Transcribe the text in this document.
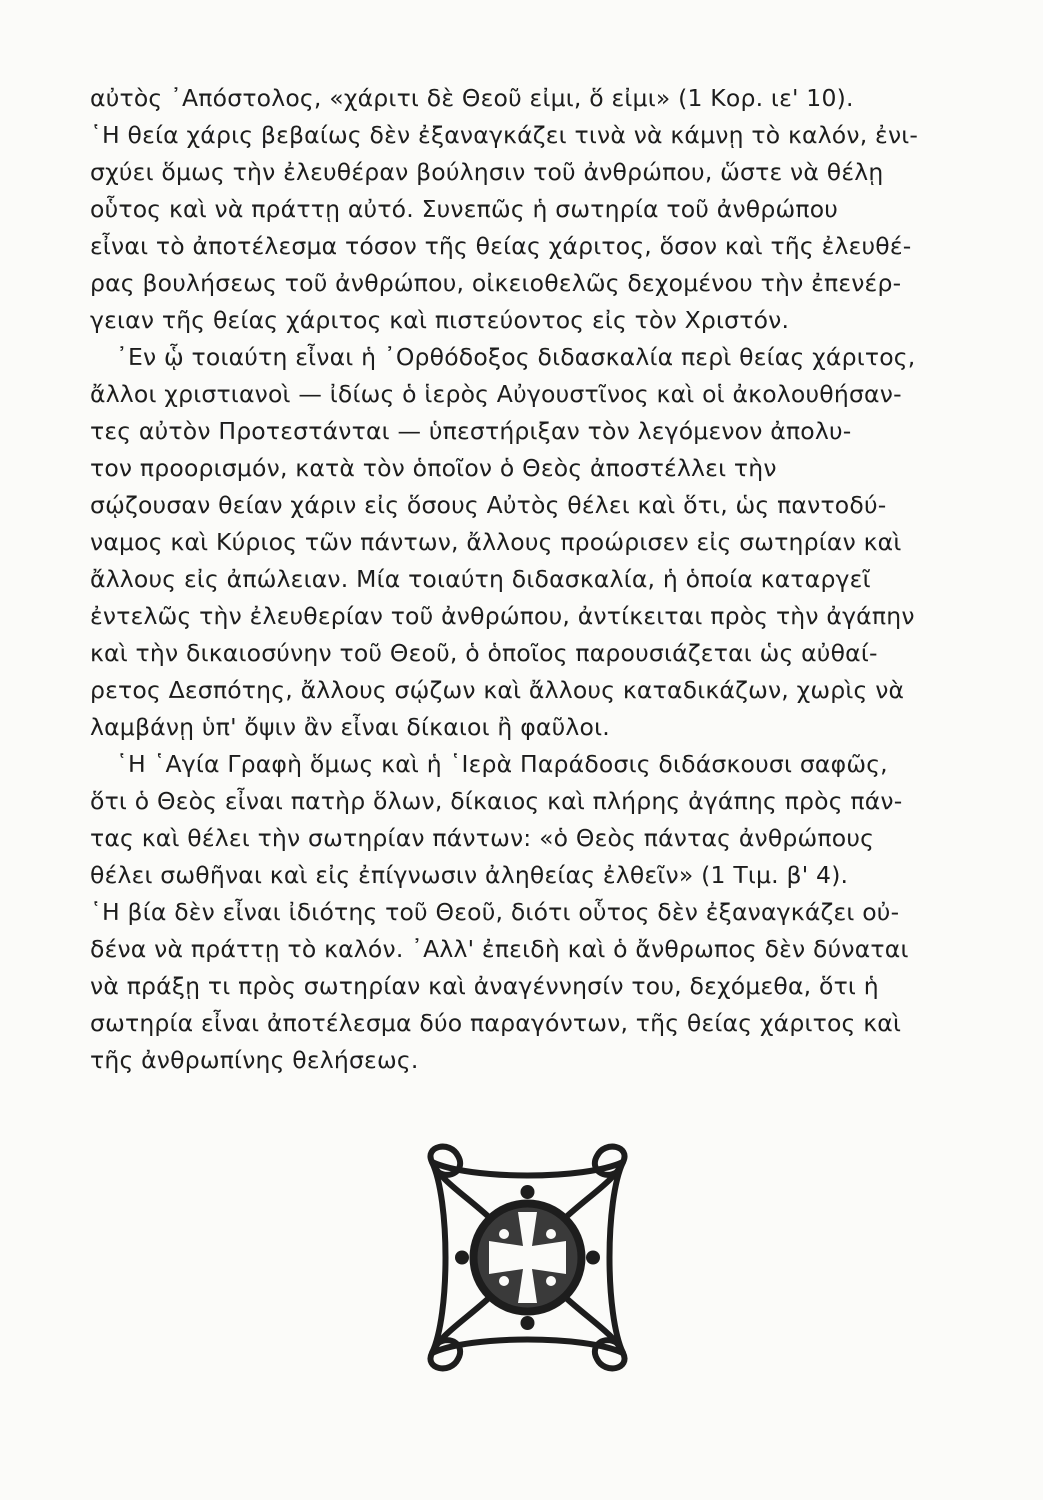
αὐτὸς ᾿Απόστολος, «χάριτι δὲ Θεοῦ εἰμι, ὅ εἰμι» (1 Κορ. ιε' 10).
῾Η θεία χάρις βεβαίως δὲν ἐξαναγκάζει τινὰ νὰ κάμνῃ τὸ καλόν, ἐνι-
σχύει ὅμως τὴν ἐλευθέραν βούλησιν τοῦ ἀνθρώπου, ὥστε νὰ θέλῃ
οὗτος καὶ νὰ πράττῃ αὐτό. Συνεπῶς ἡ σωτηρία τοῦ ἀνθρώπου
εἶναι τὸ ἀποτέλεσμα τόσον τῆς θείας χάριτος, ὅσον καὶ τῆς ἐλευθέ-
ρας βουλήσεως τοῦ ἀνθρώπου, οἰκειοθελῶς δεχομένου τὴν ἐπενέρ-
γειαν τῆς θείας χάριτος καὶ πιστεύοντος εἰς τὸν Χριστόν.
᾿Εν ᾧ τοιαύτη εἶναι ἡ ᾿Ορθόδοξος διδασκαλία περὶ θείας χάριτος,
ἄλλοι χριστιανοὶ — ἰδίως ὁ ἱερὸς Αὐγουστῖνος καὶ οἱ ἀκολουθήσαν-
τες αὐτὸν Προτεστάνται — ὑπεστήριξαν τὸν λεγόμενον ἀπολυ-
τον προορισμόν, κατὰ τὸν ὁποῖον ὁ Θεὸς ἀποστέλλει τὴν
σῴζουσαν θείαν χάριν εἰς ὅσους Αὐτὸς θέλει καὶ ὅτι, ὡς παντοδύ-
ναμος καὶ Κύριος τῶν πάντων, ἄλλους προώρισεν εἰς σωτηρίαν καὶ
ἄλλους εἰς ἀπώλειαν. Μία τοιαύτη διδασκαλία, ἡ ὁποία καταργεῖ
ἐντελῶς τὴν ἐλευθερίαν τοῦ ἀνθρώπου, ἀντίκειται πρὸς τὴν ἀγάπην
καὶ τὴν δικαιοσύνην τοῦ Θεοῦ, ὁ ὁποῖος παρουσιάζεται ὡς αὐθαί-
ρετος Δεσπότης, ἄλλους σῴζων καὶ ἄλλους καταδικάζων, χωρὶς νὰ
λαμβάνῃ ὑπ' ὄψιν ἂν εἶναι δίκαιοι ἢ φαῦλοι.
῾Η ῾Αγία Γραφὴ ὅμως καὶ ἡ ῾Ιερὰ Παράδοσις διδάσκουσι σαφῶς,
ὅτι ὁ Θεὸς εἶναι πατὴρ ὅλων, δίκαιος καὶ πλήρης ἀγάπης πρὸς πάν-
τας καὶ θέλει τὴν σωτηρίαν πάντων: «ὁ Θεὸς πάντας ἀνθρώπους
θέλει σωθῆναι καὶ εἰς ἐπίγνωσιν ἀληθείας ἐλθεῖν» (1 Τιμ. β' 4).
῾Η βία δὲν εἶναι ἰδιότης τοῦ Θεοῦ, διότι οὗτος δὲν ἐξαναγκάζει οὐ-
δένα νὰ πράττῃ τὸ καλόν. ᾿Αλλ' ἐπειδὴ καὶ ὁ ἄνθρωπος δὲν δύναται
νὰ πράξῃ τι πρὸς σωτηρίαν καὶ ἀναγέννησίν του, δεχόμεθα, ὅτι ἡ
σωτηρία εἶναι ἀποτέλεσμα δύο παραγόντων, τῆς θείας χάριτος καὶ
τῆς ἀνθρωπίνης θελήσεως.
